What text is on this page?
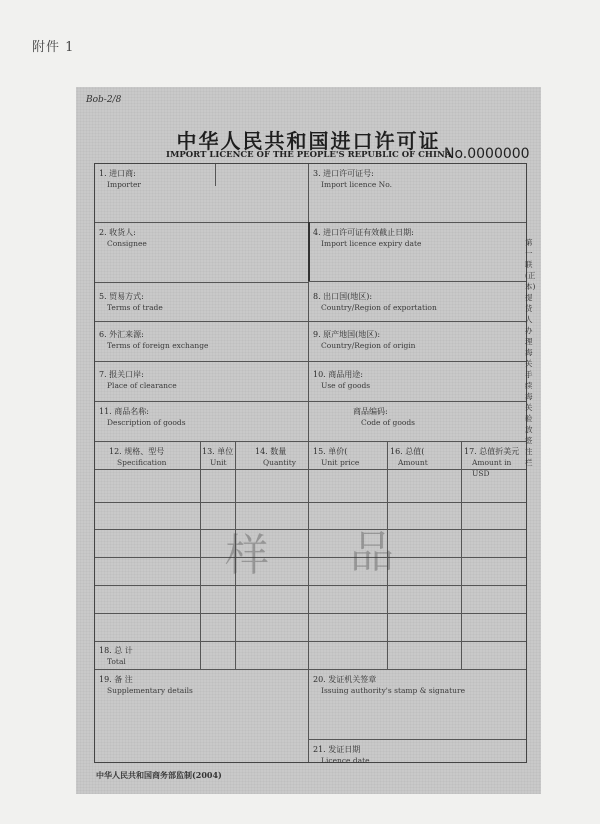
附件 1
Bob-2/8
中华人民共和国进口许可证
IMPORT LICENCE OF THE PEOPLE'S REPUBLIC OF CHINA
No.0000000
1. 进口商:
Importer
3. 进口许可证号:
Import licence No.
2. 收货人:
Consignee
4. 进口许可证有效截止日期:
Import licence expiry date
5. 贸易方式:
Terms of trade
8. 出口国(地区):
Country/Region of exportation
6. 外汇来源:
Terms of foreign exchange
9. 原产地国(地区):
Country/Region of origin
7. 报关口岸:
Place of clearance
10. 商品用途:
Use of goods
11. 商品名称:
Description of goods
商品编码:
Code of goods
12. 规格、型号
Specification
13. 单位
Unit
14. 数量
Quantity
15. 单价(
Unit price
16. 总值(
Amount
17. 总值折美元
Amount in USD
18. 总 计
Total
19. 备 注
Supplementary details
20. 发证机关签章
Issuing authority's stamp & signature
21. 发证日期
Licence date
样 品
第一联(正本)提货人办理海关手续 海关验放签注栏
中华人民共和国商务部监制(2004)
